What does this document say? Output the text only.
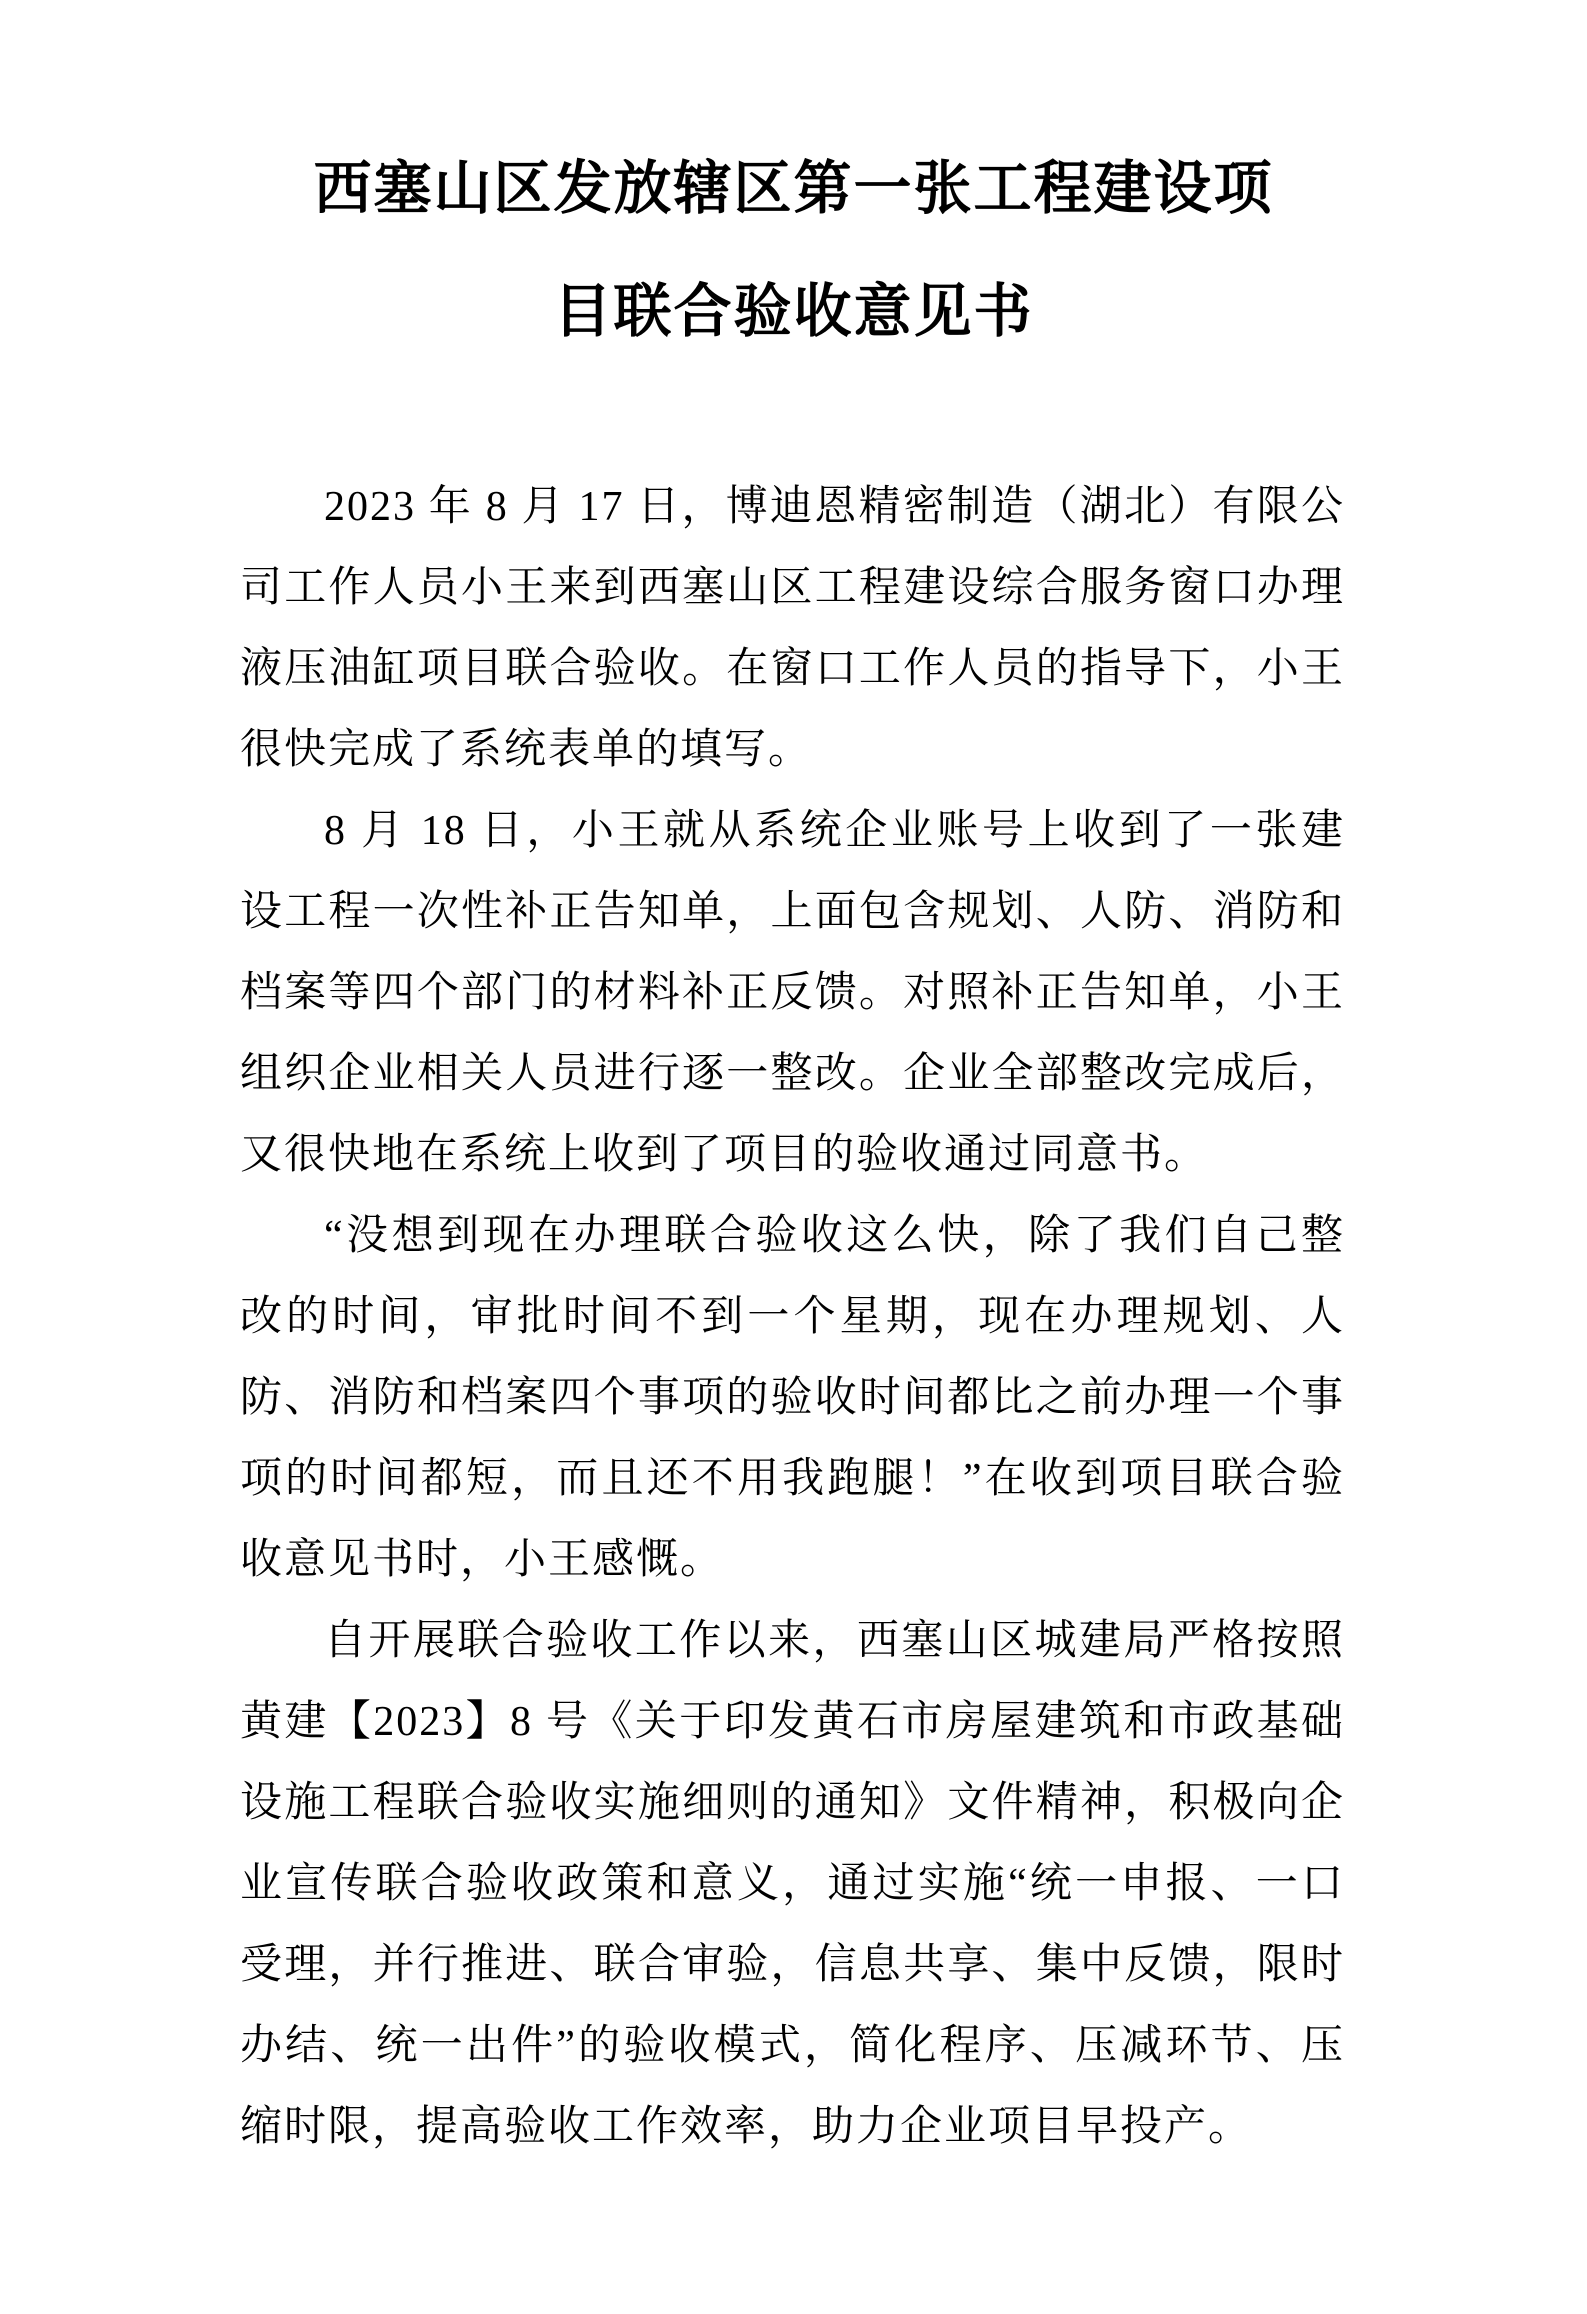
西塞山区发放辖区第一张工程建设项
目联合验收意见书

2023 年 8 月 17 日，博迪恩精密制造（湖北）有限公司工作人员小王来到西塞山区工程建设综合服务窗口办理液压油缸项目联合验收。在窗口工作人员的指导下，小王很快完成了系统表单的填写。

8 月 18 日，小王就从系统企业账号上收到了一张建设工程一次性补正告知单，上面包含规划、人防、消防和档案等四个部门的材料补正反馈。对照补正告知单，小王组织企业相关人员进行逐一整改。企业全部整改完成后，又很快地在系统上收到了项目的验收通过同意书。

“没想到现在办理联合验收这么快，除了我们自己整改的时间，审批时间不到一个星期，现在办理规划、人防、消防和档案四个事项的验收时间都比之前办理一个事项的时间都短，而且还不用我跑腿！”在收到项目联合验收意见书时，小王感慨。

自开展联合验收工作以来，西塞山区城建局严格按照黄建【2023】8 号《关于印发黄石市房屋建筑和市政基础设施工程联合验收实施细则的通知》文件精神，积极向企业宣传联合验收政策和意义，通过实施“统一申报、一口受理，并行推进、联合审验，信息共享、集中反馈，限时办结、统一出件”的验收模式，简化程序、压减环节、压缩时限，提高验收工作效率，助力企业项目早投产。
